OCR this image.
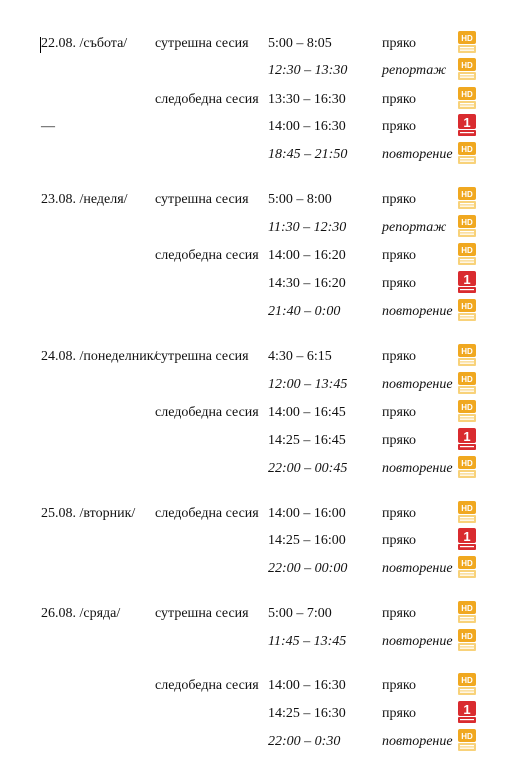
22.08. /събота/ сутрешна сесия 5:00 – 8:05	пряко	HD
12:30 – 13:30 репортаж HD
следобедна сесия 13:30 – 16:30	пряко	HD
—	14:00 – 16:30	пряко	1
18:45 – 21:50 повторение HD
23.08. /неделя/ сутрешна сесия 5:00 – 8:00	пряко	HD
11:30 – 12:30	репортаж HD
следобедна сесия 14:00 – 16:20	пряко	HD
14:30 – 16:20	пряко	1
21:40 – 0:00	повторение HD
24.08. /понеделник/
сутрешна сесия 4:30 – 6:15	пряко	HD
12:00 – 13:45 повторение HD
следобедна сесия 14:00 – 16:45	пряко	HD
14:25 – 16:45	пряко	1
22:00 – 00:45 повторение HD
25.08. /вторник/ следобедна сесия 14:00 – 16:00	пряко	HD
14:25 – 16:00	пряко	1
22:00 – 00:00 повторение HD
26.08. /сряда/ сутрешна сесия 5:00 – 7:00	пряко	HD
11:45 – 13:45	повторение HD
следобедна сесия 14:00 – 16:30	пряко	HD
14:25 – 16:30	пряко	1
22:00 – 0:30	повторение HD
